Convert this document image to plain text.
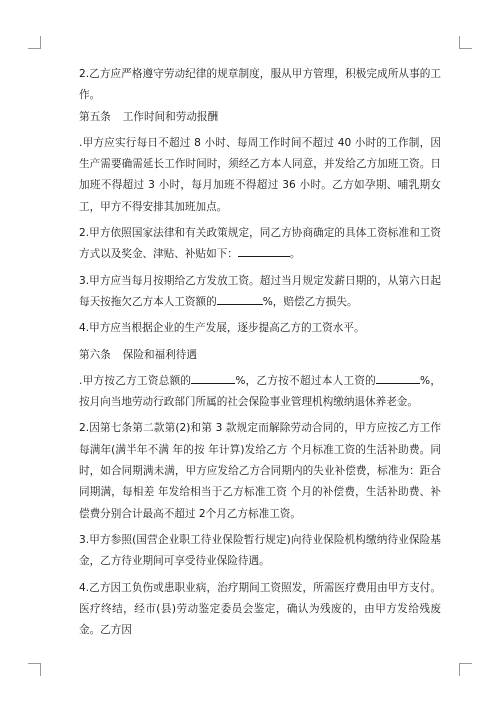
2.乙方应严格遵守劳动纪律的规章制度，服从甲方管理，积极完成所从事的工作。

第五条 工作时间和劳动报酬

.甲方应实行每日不超过 8 小时、每周工作时间不超过 40 小时的工作制，因生产需要确需延长工作时间时，须经乙方本人同意，并发给乙方加班工资。日加班不得超过 3 小时，每月加班不得超过 36 小时。乙方如孕期、哺乳期女工，甲方不得安排其加班加点。

2.甲方依照国家法律和有关政策规定，同乙方协商确定的具体工资标准和工资方式以及奖金、津贴、补贴如下：	。

3.甲方应当每月按期给乙方发放工资。超过当月规定发薪日期的，从第六日起每天按拖欠乙方本人工资额的	%，赔偿乙方损失。

4.甲方应当根据企业的生产发展，逐步提高乙方的工资水平。

第六条 保险和福利待遇

.甲方按乙方工资总额的	%，乙方按不超过本人工资的	%，按月向当地劳动行政部门所属的社会保险事业管理机构缴纳退休养老金。

2.因第七条第二款第(2)和第 3 款规定而解除劳动合同的，甲方应按乙方工作每满年(满半年不满 年的按 年计算)发给乙方 个月标准工资的生活补助费。同时，如合同期满未满，甲方应发给乙方合同期内的失业补偿费，标准为：距合同期满，每相差 年发给相当于乙方标准工资 个月的补偿费，生活补助费、补偿费分别合计最高不超过 2个月乙方标准工资。

3.甲方参照(国营企业职工待业保险暂行规定)向待业保险机构缴纳待业保险基金，乙方待业期间可享受待业保险待遇。

4.乙方因工负伤或患职业病，治疗期间工资照发，所需医疗费用由甲方支付。医疗终结，经市(县)劳动鉴定委员会鉴定，确认为残废的，由甲方发给残废金。乙方因
